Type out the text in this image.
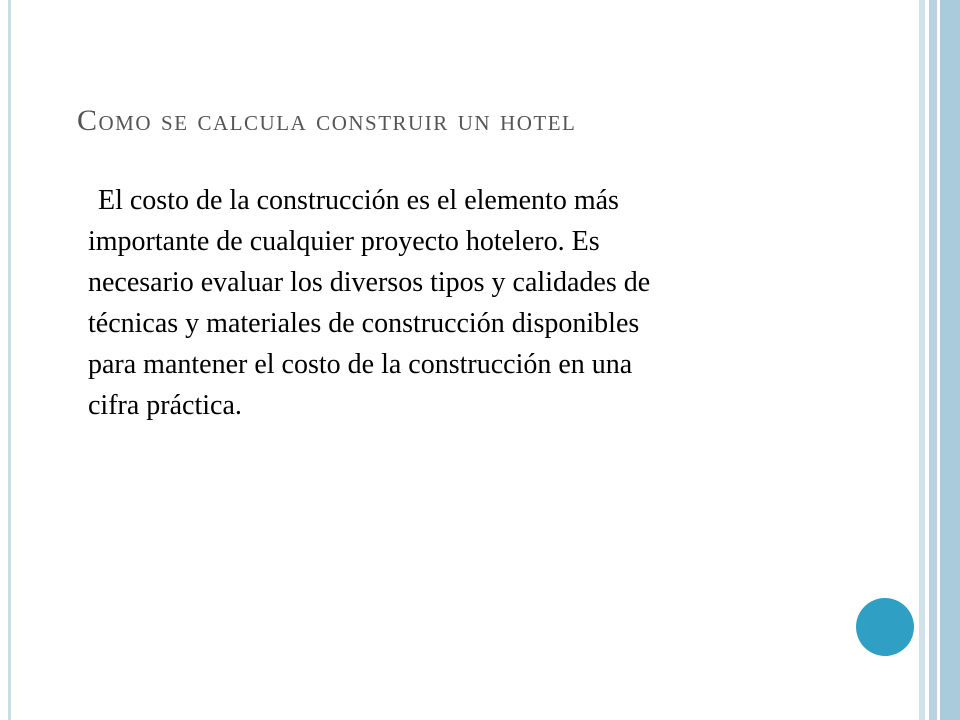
Como se calcula construir un hotel
El costo de la construcción es el elemento más
importante de cualquier proyecto hotelero. Es
necesario evaluar los diversos tipos y calidades de
técnicas y materiales de construcción disponibles
para mantener el costo de la construcción en una
cifra práctica.
